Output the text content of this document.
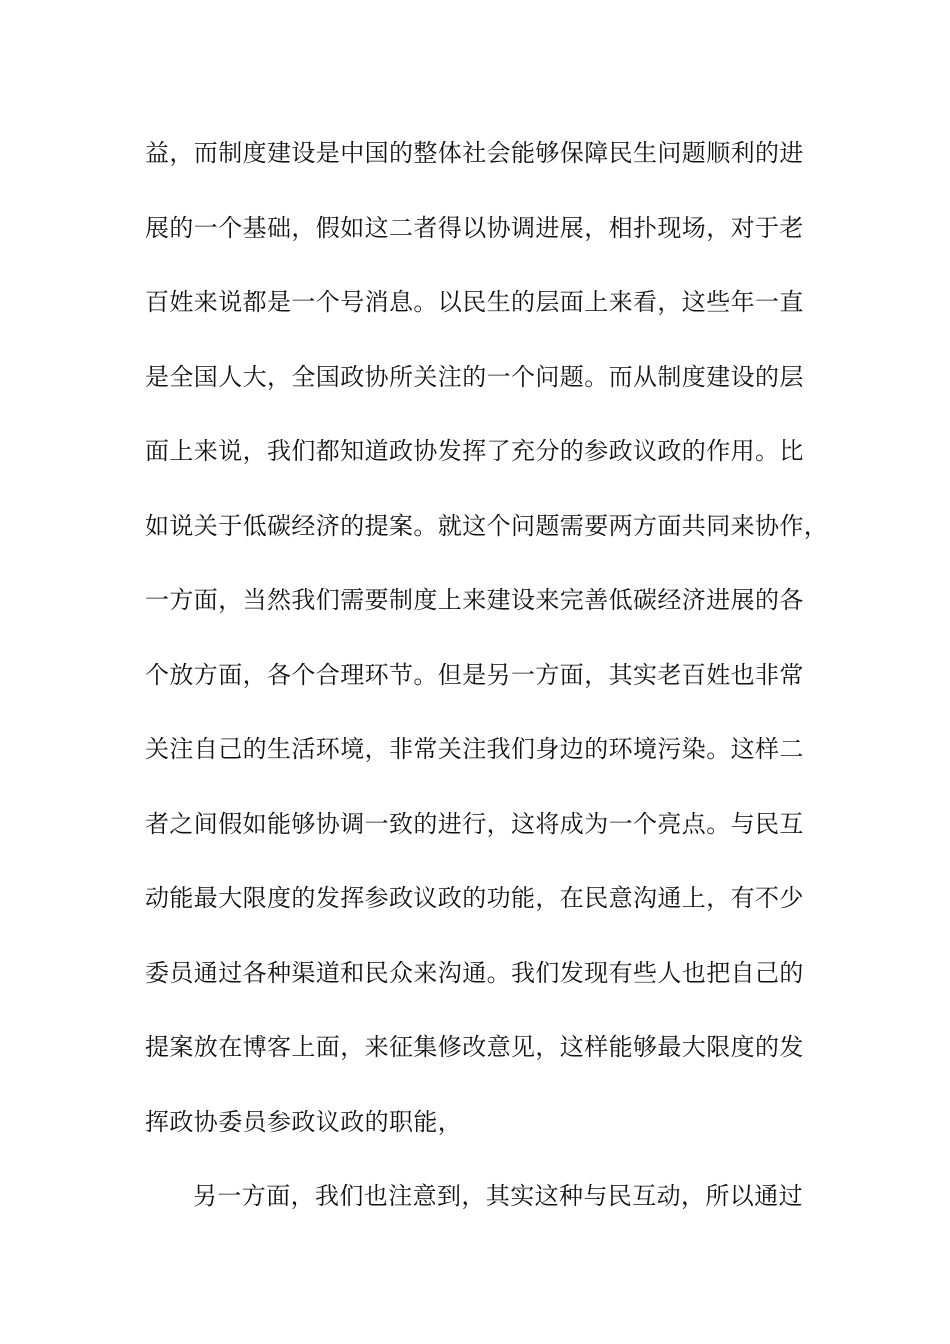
益，而制度建设是中国的整体社会能够保障民生问题顺利的进
展的一个基础，假如这二者得以协调进展，相扑现场，对于老
百姓来说都是一个号消息。以民生的层面上来看，这些年一直
是全国人大，全国政协所关注的一个问题。而从制度建设的层
面上来说，我们都知道政协发挥了充分的参政议政的作用。比
如说关于低碳经济的提案。就这个问题需要两方面共同来协作，
一方面，当然我们需要制度上来建设来完善低碳经济进展的各
个放方面，各个合理环节。但是另一方面，其实老百姓也非常
关注自己的生活环境，非常关注我们身边的环境污染。这样二
者之间假如能够协调一致的进行，这将成为一个亮点。与民互
动能最大限度的发挥参政议政的功能，在民意沟通上，有不少
委员通过各种渠道和民众来沟通。我们发现有些人也把自己的
提案放在博客上面，来征集修改意见，这样能够最大限度的发
挥政协委员参政议政的职能，
另一方面，我们也注意到，其实这种与民互动，所以通过
